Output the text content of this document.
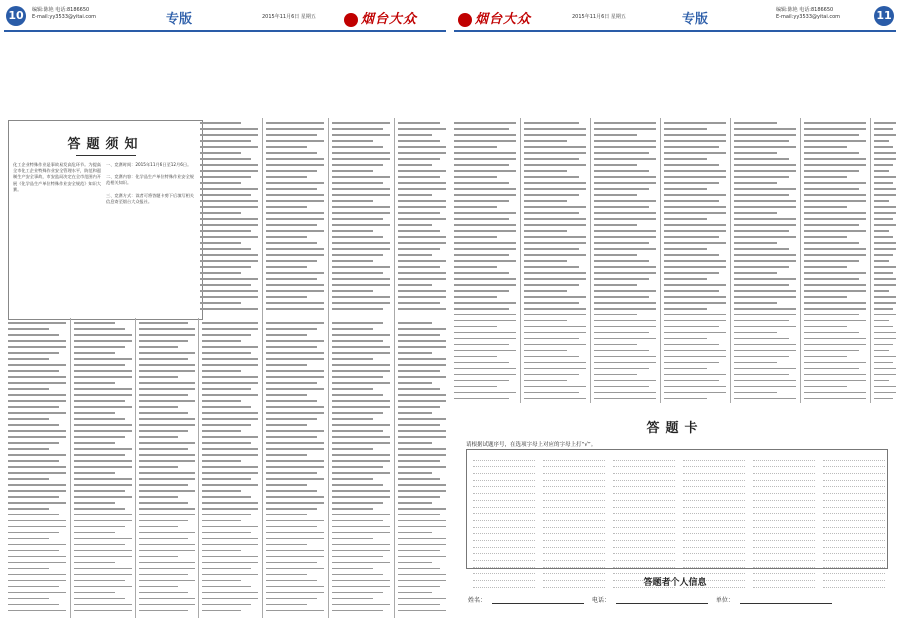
10	编辑:陈艳 电话:8186650
E-mail:yy3533@yitai.com	专版	2015年11月6日 星期五	烟台大众
答题须知
化工企业特殊作业是事故易发高危环节。为提高全市化工企业特殊作业安全管理水平，防范和遏制生产安全事故，市安监局决定在全市范围内开展《化学品生产单位特殊作业安全规范》知识大赛。
一、竞赛时间：2015年11月6日至12月6日。
二、竞赛内容：化学品生产单位特殊作业安全规范相关知识。
三、竞赛方式：读者可将答题卡剪下后填写相关信息寄至烟台大众报社。
烟台大众	2015年11月6日 星期五	专版
编辑:陈艳 电话:8186650
E-mail:yy3533@yitai.com	11
答题卡
请根据试题序号，在选项字母上对应的字母上打“√”。
答题者个人信息
姓名：	电话：	单位：
